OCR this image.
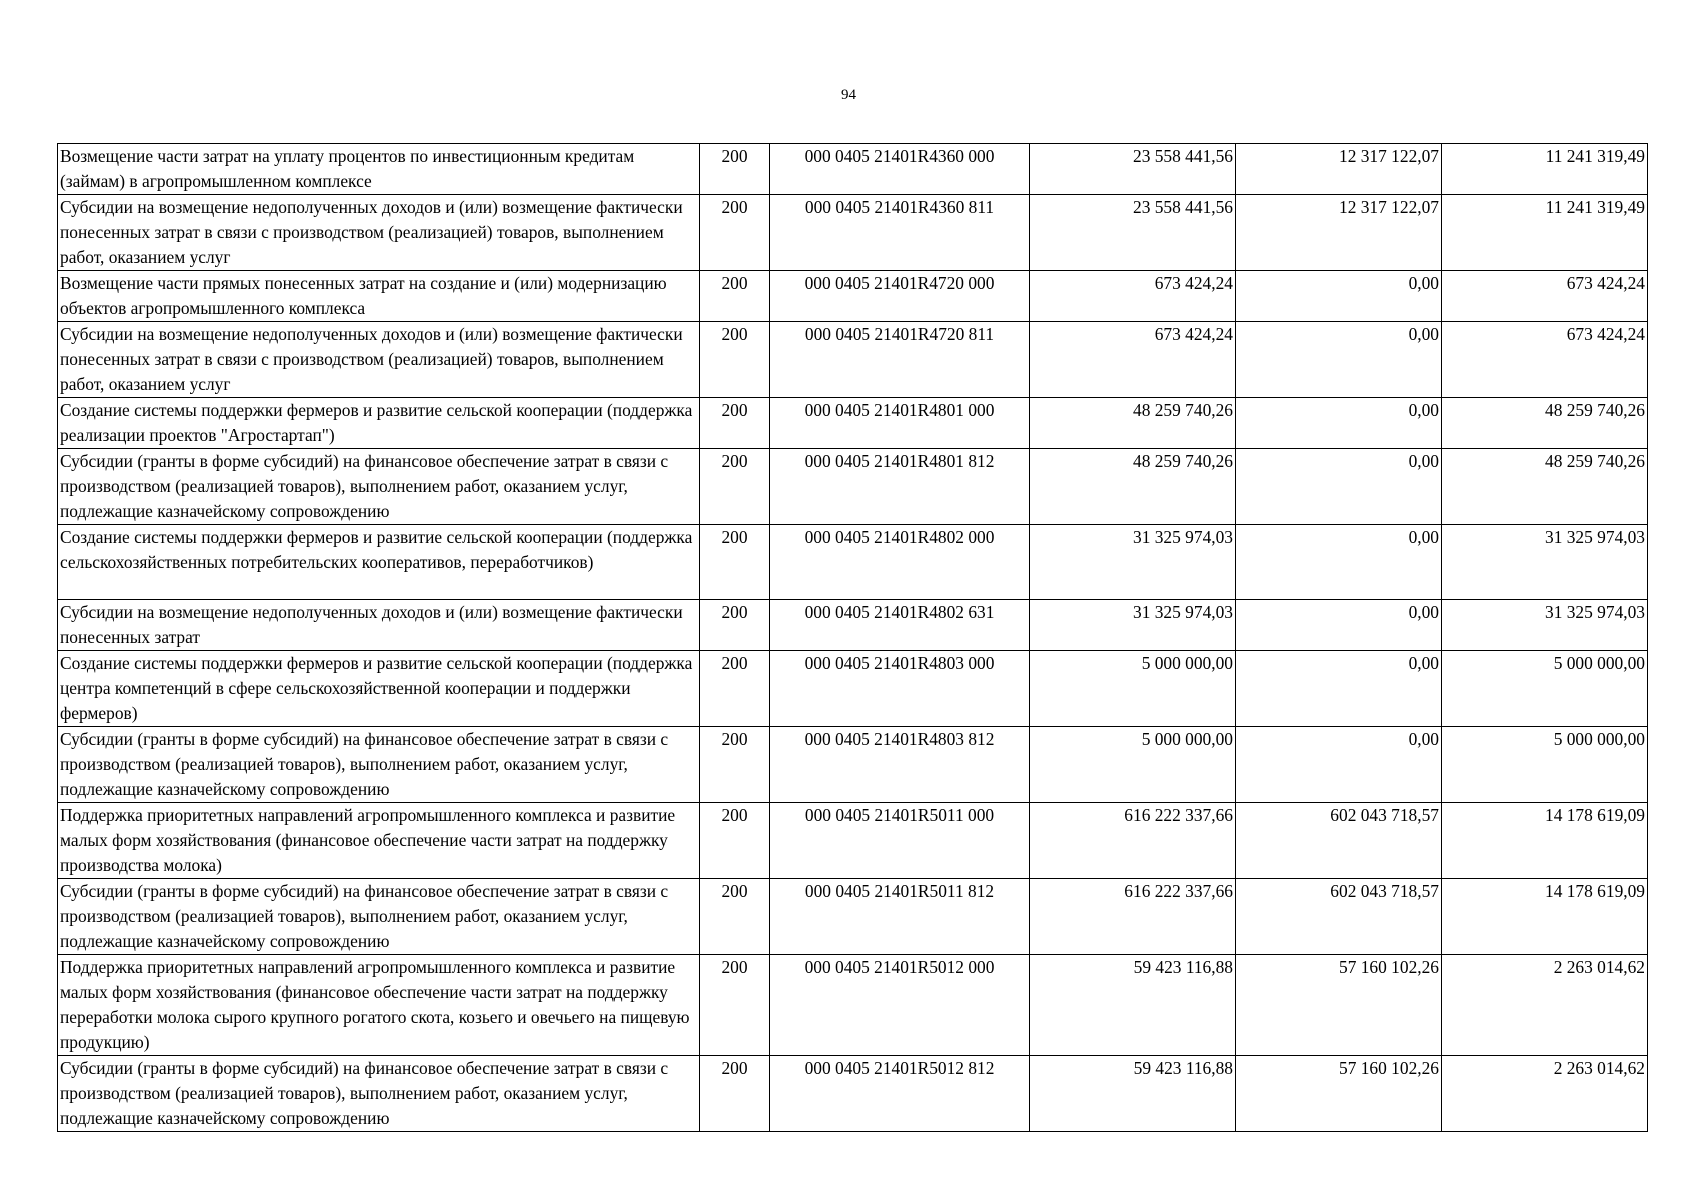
94
Возмещение части затрат на уплату процентов по инвестиционным кредитам (займам) в агропромышленном комплексе	200	000 0405 21401R4360 000	23 558 441,56	12 317 122,07	11 241 319,49
Субсидии на возмещение недополученных доходов и (или) возмещение фактически понесенных затрат в связи с производством (реализацией) товаров, выполнением работ, оказанием услуг	200	000 0405 21401R4360 811	23 558 441,56	12 317 122,07	11 241 319,49
Возмещение части прямых понесенных затрат на создание и (или) модернизацию объектов агропромышленного комплекса	200	000 0405 21401R4720 000	673 424,24	0,00	673 424,24
Субсидии на возмещение недополученных доходов и (или) возмещение фактически понесенных затрат в связи с производством (реализацией) товаров, выполнением работ, оказанием услуг	200	000 0405 21401R4720 811	673 424,24	0,00	673 424,24
Создание системы поддержки фермеров и развитие сельской кооперации (поддержка реализации проектов "Агростартап")	200	000 0405 21401R4801 000	48 259 740,26	0,00	48 259 740,26
Субсидии (гранты в форме субсидий) на финансовое обеспечение затрат в связи с производством (реализацией товаров), выполнением работ, оказанием услуг, подлежащие казначейскому сопровождению	200	000 0405 21401R4801 812	48 259 740,26	0,00	48 259 740,26
Создание системы поддержки фермеров и развитие сельской кооперации (поддержка сельскохозяйственных потребительских кооперативов, переработчиков)	200	000 0405 21401R4802 000	31 325 974,03	0,00	31 325 974,03
Субсидии на возмещение недополученных доходов и (или) возмещение фактически понесенных затрат	200	000 0405 21401R4802 631	31 325 974,03	0,00	31 325 974,03
Создание системы поддержки фермеров и развитие сельской кооперации (поддержка центра компетенций в сфере сельскохозяйственной кооперации и поддержки фермеров)	200	000 0405 21401R4803 000	5 000 000,00	0,00	5 000 000,00
Субсидии (гранты в форме субсидий) на финансовое обеспечение затрат в связи с производством (реализацией товаров), выполнением работ, оказанием услуг, подлежащие казначейскому сопровождению	200	000 0405 21401R4803 812	5 000 000,00	0,00	5 000 000,00
Поддержка приоритетных направлений агропромышленного комплекса и развитие малых форм хозяйствования (финансовое обеспечение части затрат на поддержку производства молока)	200	000 0405 21401R5011 000	616 222 337,66	602 043 718,57	14 178 619,09
Субсидии (гранты в форме субсидий) на финансовое обеспечение затрат в связи с производством (реализацией товаров), выполнением работ, оказанием услуг, подлежащие казначейскому сопровождению	200	000 0405 21401R5011 812	616 222 337,66	602 043 718,57	14 178 619,09
Поддержка приоритетных направлений агропромышленного комплекса и развитие малых форм хозяйствования (финансовое обеспечение части затрат на поддержку переработки молока сырого крупного рогатого скота, козьего и овечьего на пищевую продукцию)	200	000 0405 21401R5012 000	59 423 116,88	57 160 102,26	2 263 014,62
Субсидии (гранты в форме субсидий) на финансовое обеспечение затрат в связи с производством (реализацией товаров), выполнением работ, оказанием услуг, подлежащие казначейскому сопровождению	200	000 0405 21401R5012 812	59 423 116,88	57 160 102,26	2 263 014,62
